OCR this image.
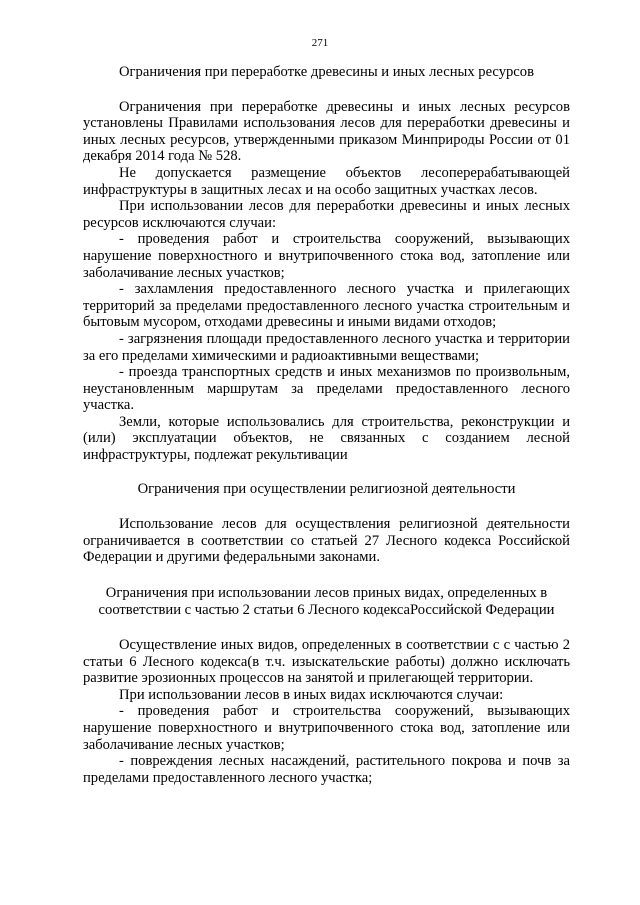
271
Ограничения при переработке древесины и иных лесных ресурсов

Ограничения при переработке древесины и иных лесных ресурсов установлены Правилами использования лесов для переработки древесины и иных лесных ресурсов, утвержденными приказом Минприроды России от 01 декабря 2014 года № 528.

Не допускается размещение объектов лесоперерабатывающей инфраструктуры в защитных лесах и на особо защитных участках лесов.

При использовании лесов для переработки древесины и иных лесных ресурсов исключаются случаи:

- проведения работ и строительства сооружений, вызывающих нарушение поверхностного и внутрипочвенного стока вод, затопление или заболачивание лесных участков;

- захламления предоставленного лесного участка и прилегающих территорий за пределами предоставленного лесного участка строительным и бытовым мусором, отходами древесины и иными видами отходов;

- загрязнения площади предоставленного лесного участка и территории за его пределами химическими и радиоактивными веществами;

- проезда транспортных средств и иных механизмов по произвольным, неустановленным маршрутам за пределами предоставленного лесного участка.

Земли, которые использовались для строительства, реконструкции и (или) эксплуатации объектов, не связанных с созданием лесной инфраструктуры, подлежат рекультивации

Ограничения при осуществлении религиозной деятельности

Использование лесов для осуществления религиозной деятельности ограничивается в соответствии со статьей 27 Лесного кодекса Российской Федерации и другими федеральными законами.

Ограничения при использовании лесов приных видах, определенных в
соответствии с частью 2 статьи 6 Лесного кодексаРоссийской Федерации

Осуществление иных видов, определенных в соответствии с с частью 2 статьи 6 Лесного кодекса(в т.ч. изыскательские работы) должно исключать развитие эрозионных процессов на занятой и прилегающей территории.

При использовании лесов в иных видах исключаются случаи:

- проведения работ и строительства сооружений, вызывающих нарушение поверхностного и внутрипочвенного стока вод, затопление или заболачивание лесных участков;

- повреждения лесных насаждений, растительного покрова и почв за пределами предоставленного лесного участка;
